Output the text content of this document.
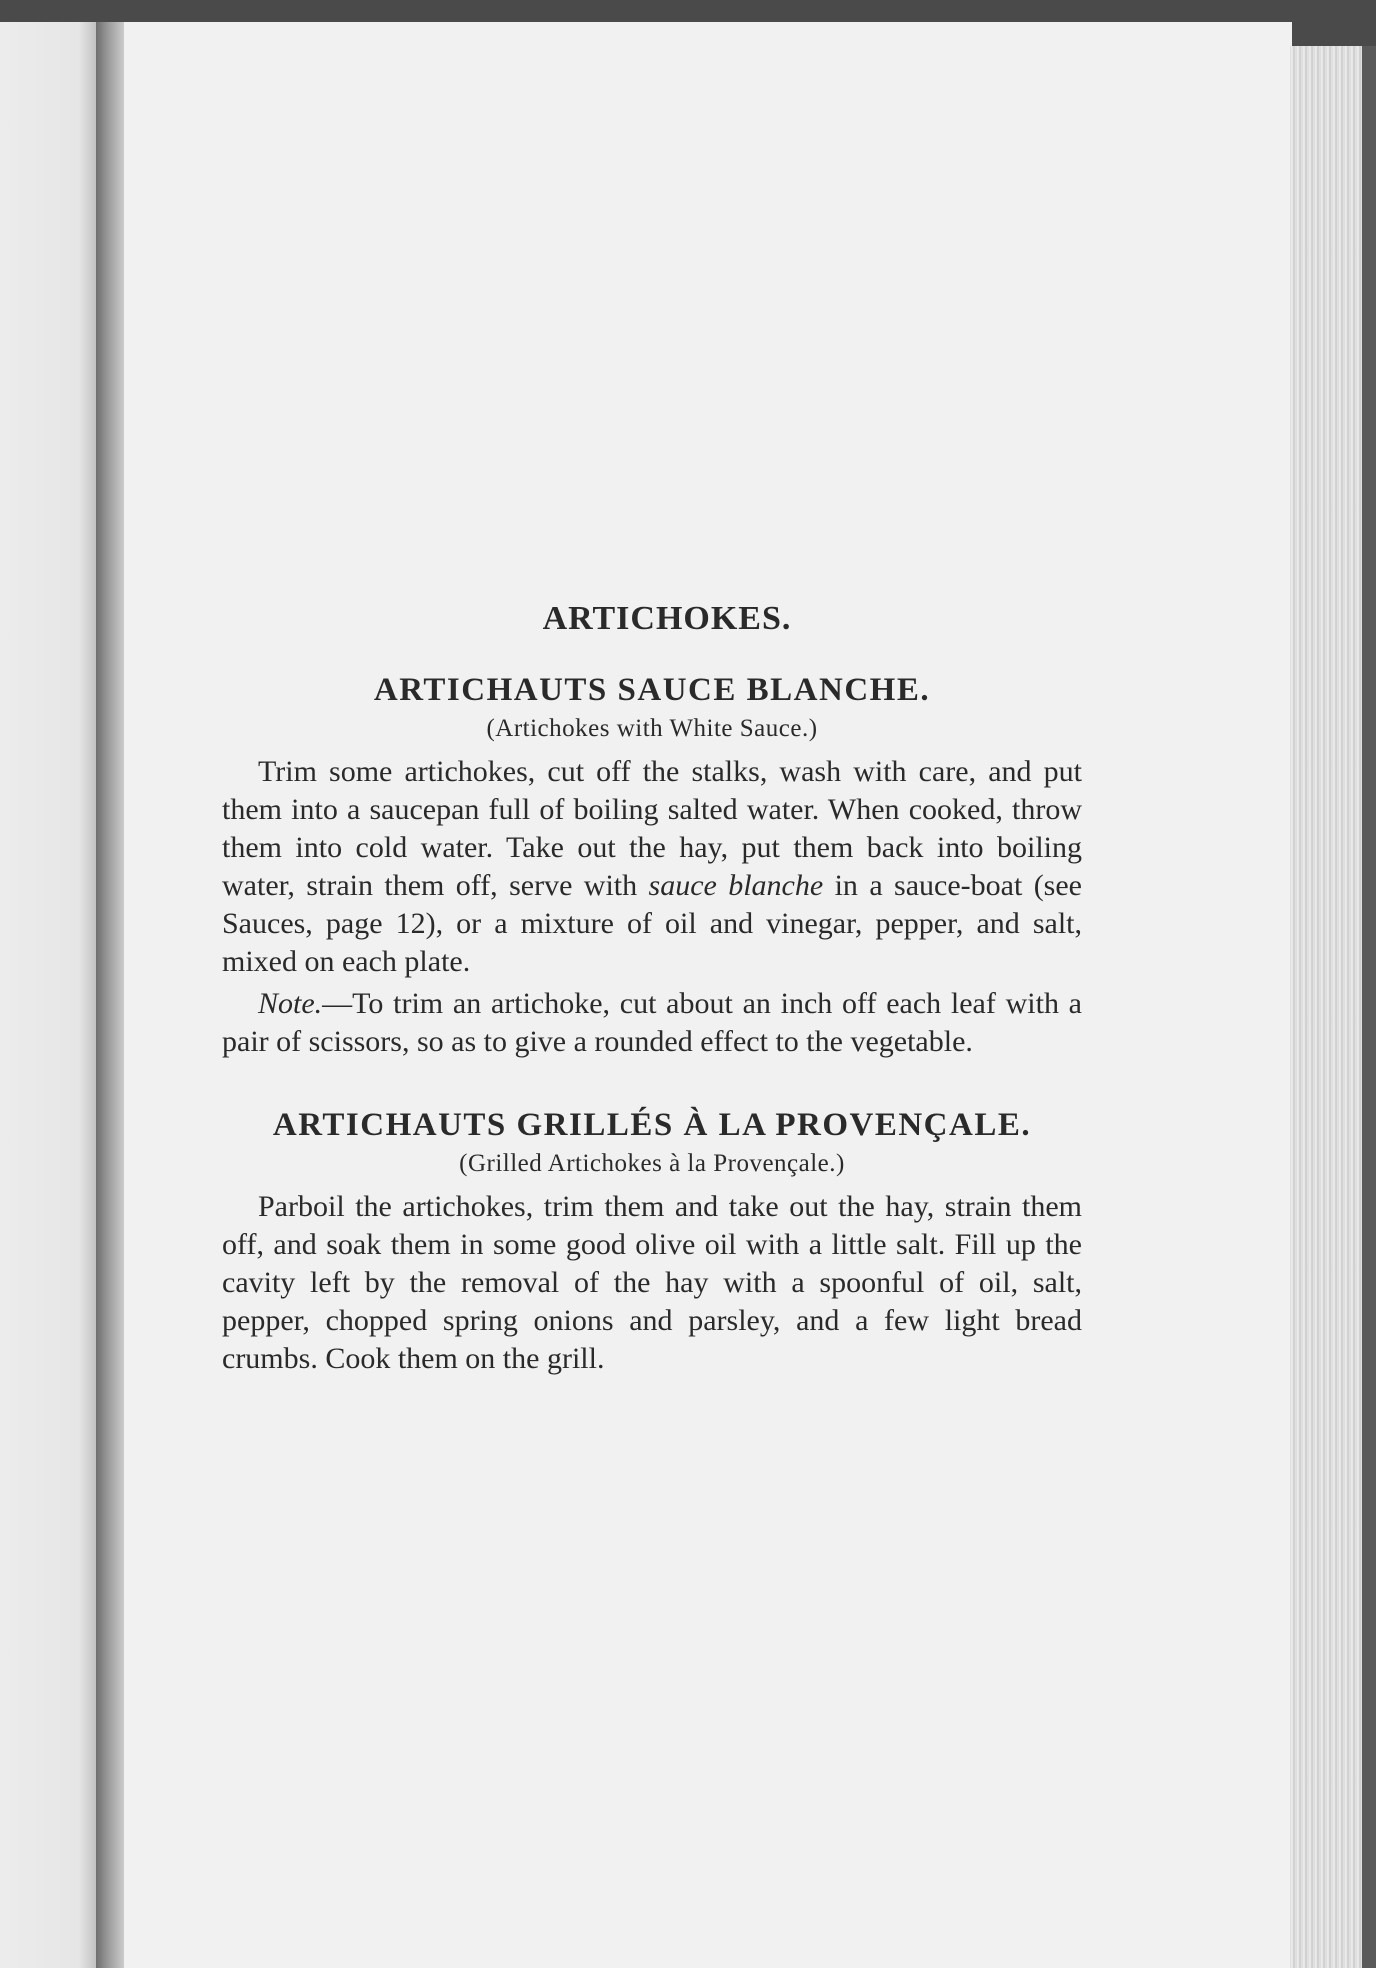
ARTICHOKES.
ARTICHAUTS SAUCE BLANCHE.
(Artichokes with White Sauce.)

Trim some artichokes, cut off the stalks, wash with care, and put them into a saucepan full of boiling salted water. When cooked, throw them into cold water. Take out the hay, put them back into boiling water, strain them off, serve with sauce blanche in a sauce-boat (see Sauces, page 12), or a mixture of oil and vinegar, pepper, and salt, mixed on each plate.

Note.—To trim an artichoke, cut about an inch off each leaf with a pair of scissors, so as to give a rounded effect to the vegetable.

ARTICHAUTS GRILLÉS À LA PROVENÇALE.
(Grilled Artichokes à la Provençale.)

Parboil the artichokes, trim them and take out the hay, strain them off, and soak them in some good olive oil with a little salt. Fill up the cavity left by the removal of the hay with a spoonful of oil, salt, pepper, chopped spring onions and parsley, and a few light bread crumbs. Cook them on the grill.
